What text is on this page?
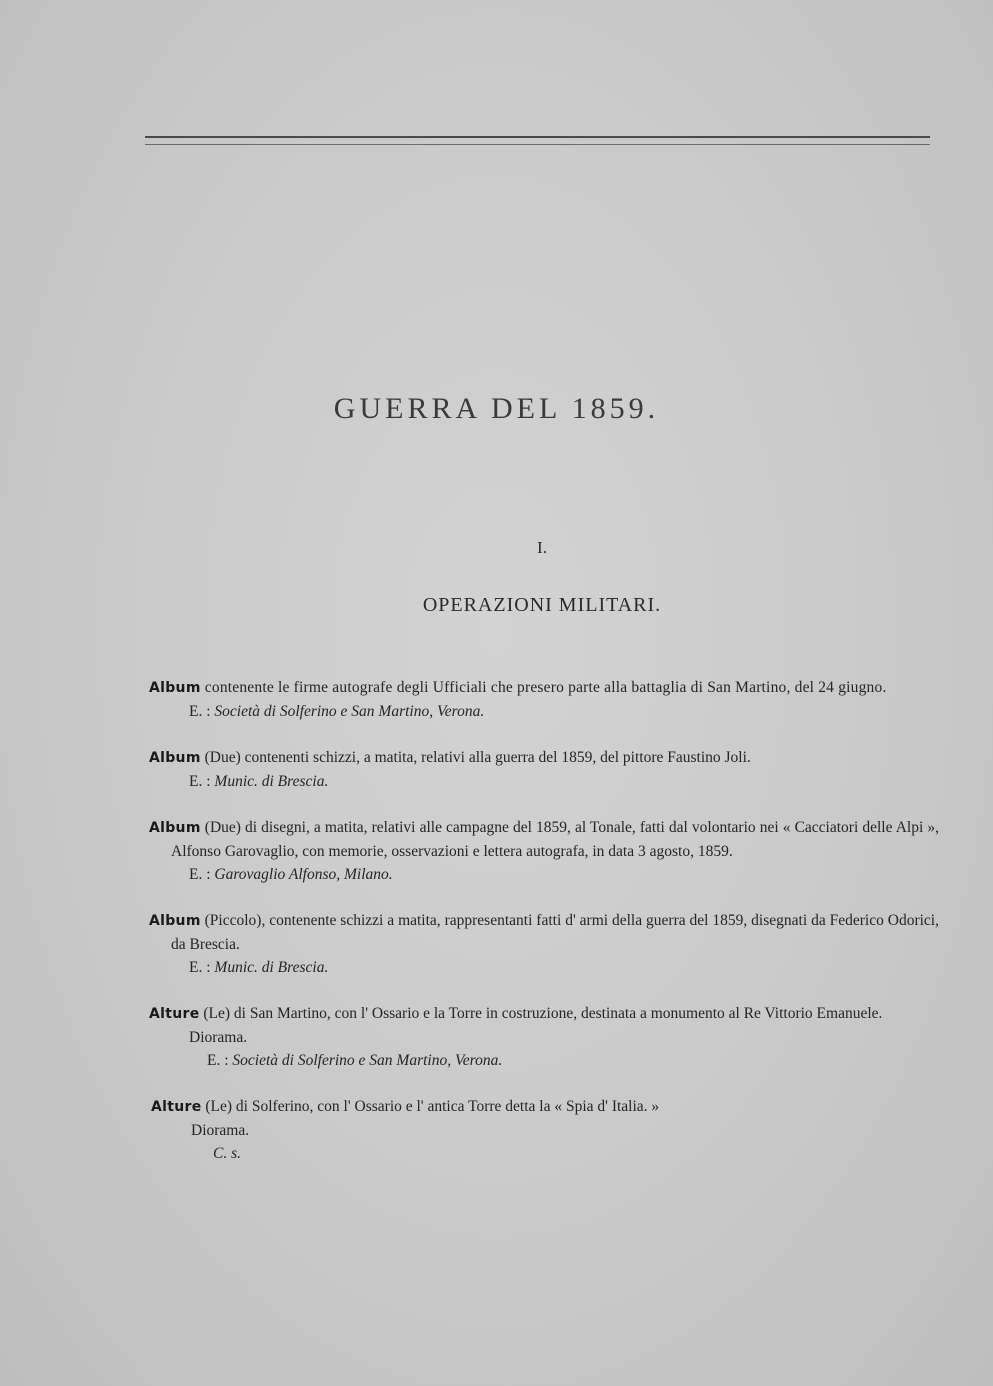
GUERRA DEL 1859.
I.
OPERAZIONI MILITARI.

Album contenente le firme autografe degli Ufficiali che presero parte alla battaglia di San Martino, del 24 giugno.

E. : Società di Solferino e San Martino, Verona.

Album (Due) contenenti schizzi, a matita, relativi alla guerra del 1859, del pittore Faustino Joli.

E. : Munic. di Brescia.

Album (Due) di disegni, a matita, relativi alle campagne del 1859, al Tonale, fatti dal volontario nei « Cacciatori delle Alpi », Alfonso Garovaglio, con memorie, osservazioni e lettera autografa, in data 3 agosto, 1859.

E. : Garovaglio Alfonso, Milano.

Album (Piccolo), contenente schizzi a matita, rappresentanti fatti d' armi della guerra del 1859, disegnati da Federico Odorici, da Brescia.

E. : Munic. di Brescia.

Alture (Le) di San Martino, con l' Ossario e la Torre in costruzione, destinata a monumento al Re Vittorio Emanuele.

Diorama.

E. : Società di Solferino e San Martino, Verona.

Alture (Le) di Solferino, con l' Ossario e l' antica Torre detta la « Spia d' Italia. »

Diorama.

C. s.
